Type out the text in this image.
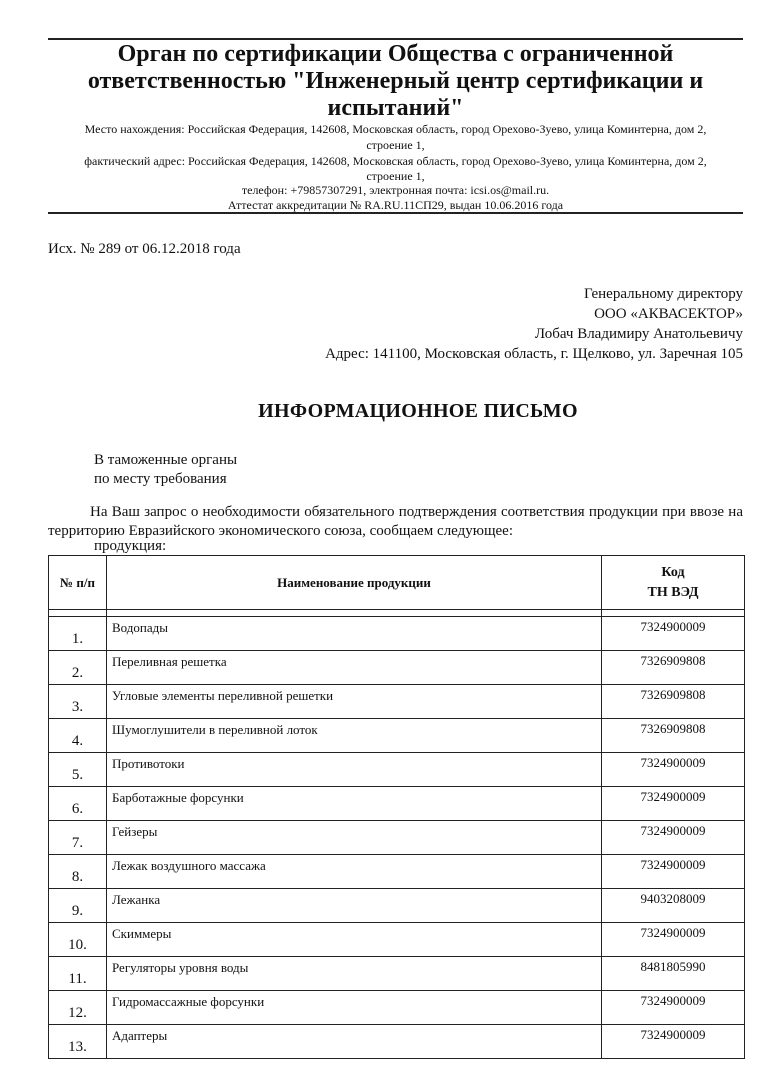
Орган по сертификации Общества с ограниченной ответственностью "Инженерный центр сертификации и испытаний"
Место нахождения: Российская Федерация, 142608, Московская область, город Орехово-Зуево, улица Коминтерна, дом 2,
строение 1,
фактический адрес: Российская Федерация, 142608, Московская область, город Орехово-Зуево, улица Коминтерна, дом 2,
строение 1,
телефон: +79857307291, электронная почта: icsi.os@mail.ru.
Аттестат аккредитации № RA.RU.11СП29, выдан 10.06.2016 года
Исх. № 289 от 06.12.2018 года
Генеральному директору
ООО «АКВАСЕКТОР»
Лобач Владимиру Анатольевичу
Адрес: 141100, Московская область, г. Щелково, ул. Заречная 105
ИНФОРМАЦИОННОЕ ПИСЬМО
В таможенные органы
по месту требования
На Ваш запрос о необходимости обязательного подтверждения соответствия продукции при ввозе на территорию Евразийского экономического союза, сообщаем следующее:
продукция:
№ п/п	Наименование продукции	Код
ТН ВЭД

1.	Водопады	7324900009
2.	Переливная решетка	7326909808
3.	Угловые элементы переливной решетки	7326909808
4.	Шумоглушители в переливной лоток	7326909808
5.	Противотоки	7324900009
6.	Барботажные форсунки	7324900009
7.	Гейзеры	7324900009
8.	Лежак воздушного массажа	7324900009
9.	Лежанка	9403208009
10.	Скиммеры	7324900009
11.	Регуляторы уровня воды	8481805990
12.	Гидромассажные форсунки	7324900009
13.	Адаптеры	7324900009
